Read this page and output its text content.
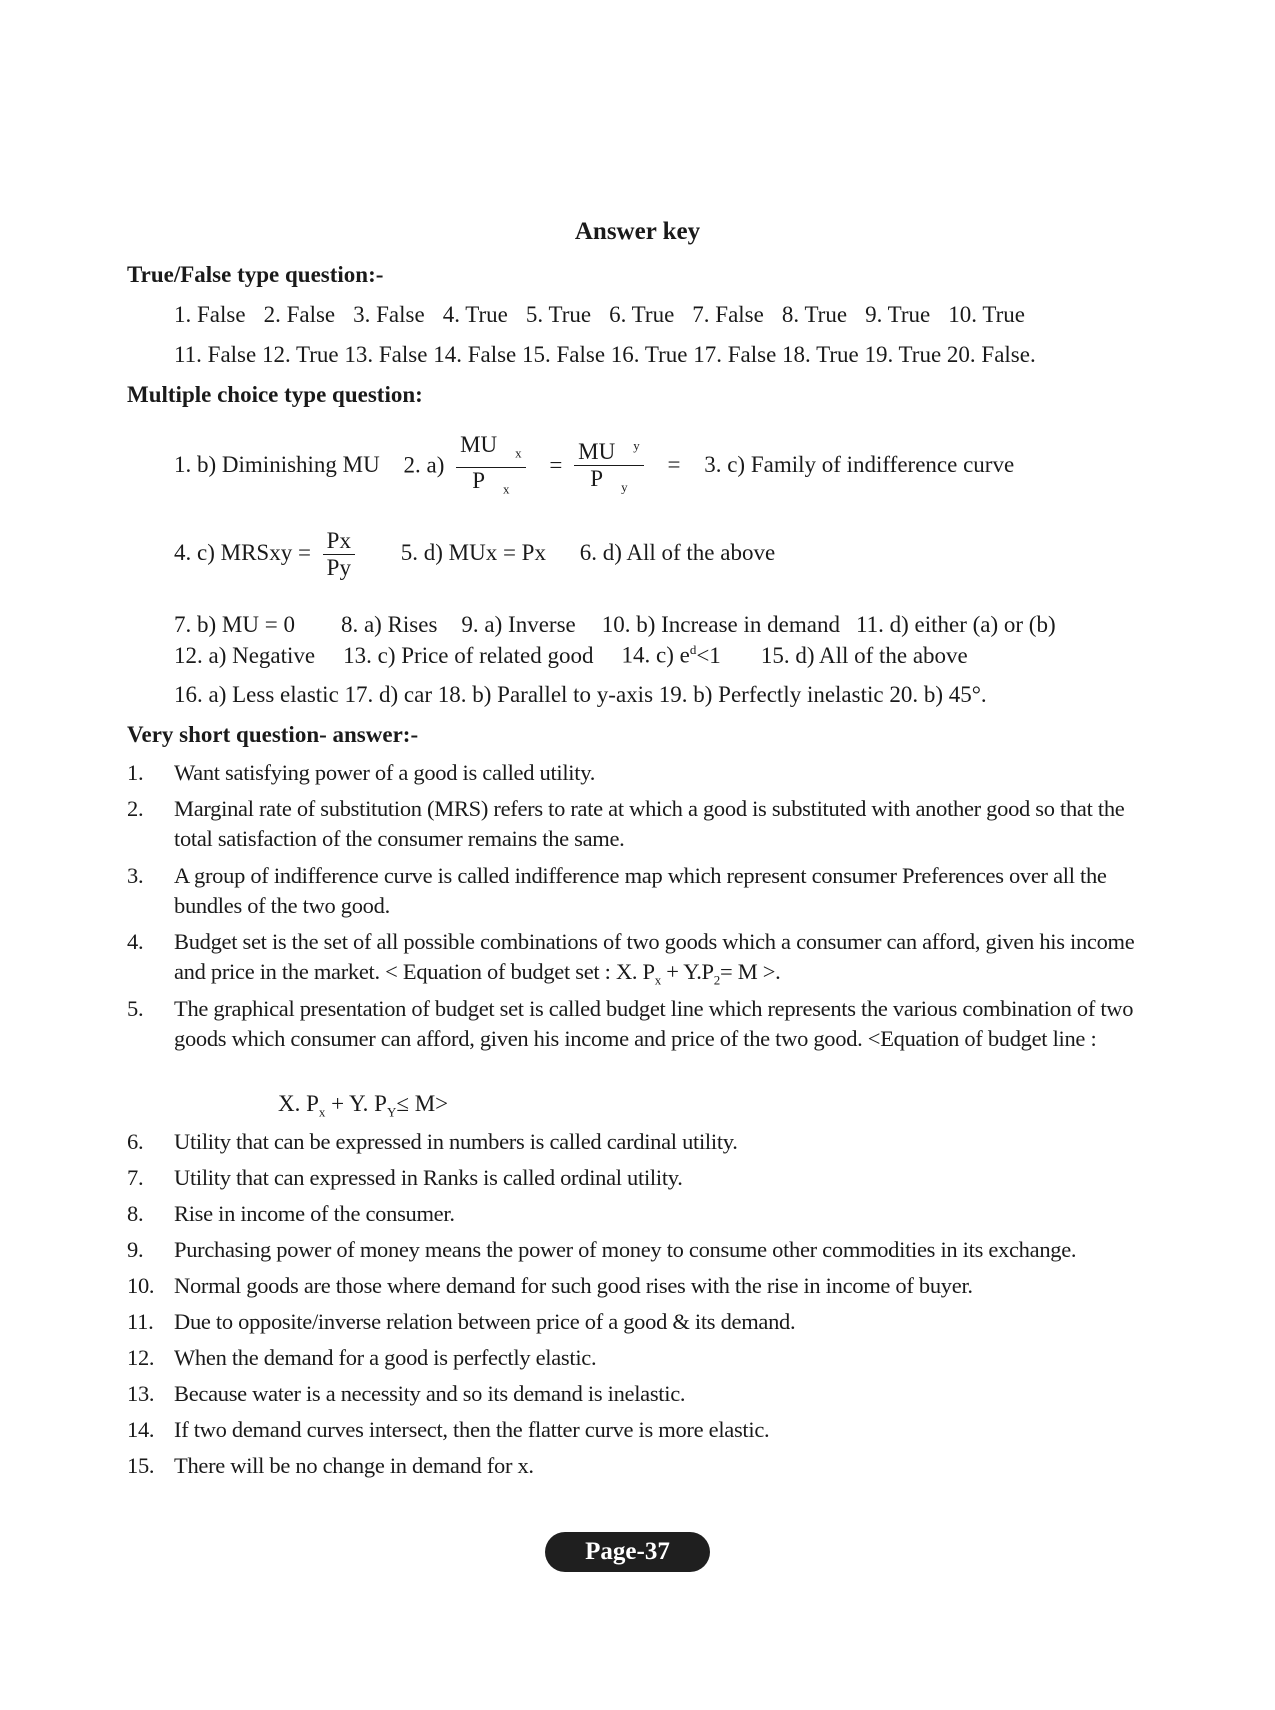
Answer key
True/False type question:-
1. False 2. False 3. False 4. True 5. True 6. True 7. False 8. True 9. True 10. True
11. False 12. True 13. False 14. False 15. False 16. True 17. False 18. True 19. True 20. False.
Multiple choice type question:
1. b) Diminishing MU 2. $a) \frac{MU _x}{P _x} = \frac{MU ^y}{P _y} = 3$. c) Family of indifference curve
4. c) MRSxy = $\frac{Px}{Py} 5$. d) MUx = Px 6. d) All of the above
7. b) MU = 0 8. a) Rises 9. a) Inverse 10. b) Increase in demand 11. d) either (a) or (b)
12. a) Negative 13. c) Price of related good 14. c) $e^d<1$ 15. d) All of the above
16. a) Less elastic 17. d) car 18. b) Parallel to y-axis 19. b) Perfectly inelastic 20. b) 45°.
Very short question- answer:-
1. Want satisfying power of a good is called utility.
2. Marginal rate of substitution (MRS) refers to rate at which a good is substituted with another good so that the total satisfaction of the consumer remains the same.
3. A group of indifference curve is called indifference map which represent consumer Preferences over all the bundles of the two good.
4. Budget set is the set of all possible combinations of two goods which a consumer can afford, given his income and price in the market. < Equation of budget set : X. $P_x + Y.P_2= M$ >.
5. The graphical presentation of budget set is called budget line which represents the various combination of two goods which consumer can afford, given his income and price of the two good. <Equation of budget line :
X. $P_x + Y$. $P_Y\le M>$
6. Utility that can be expressed in numbers is called cardinal utility.
7. Utility that can expressed in Ranks is called ordinal utility.
8. Rise in income of the consumer.
9. Purchasing power of money means the power of money to consume other commodities in its exchange.
10. Normal goods are those where demand for such good rises with the rise in income of buyer.
11. Due to opposite/inverse relation between price of a good & its demand.
12. When the demand for a good is perfectly elastic.
13. Because water is a necessity and so its demand is inelastic.
14. If two demand curves intersect, then the flatter curve is more elastic.
15. There will be no change in demand for x.
Page-37
